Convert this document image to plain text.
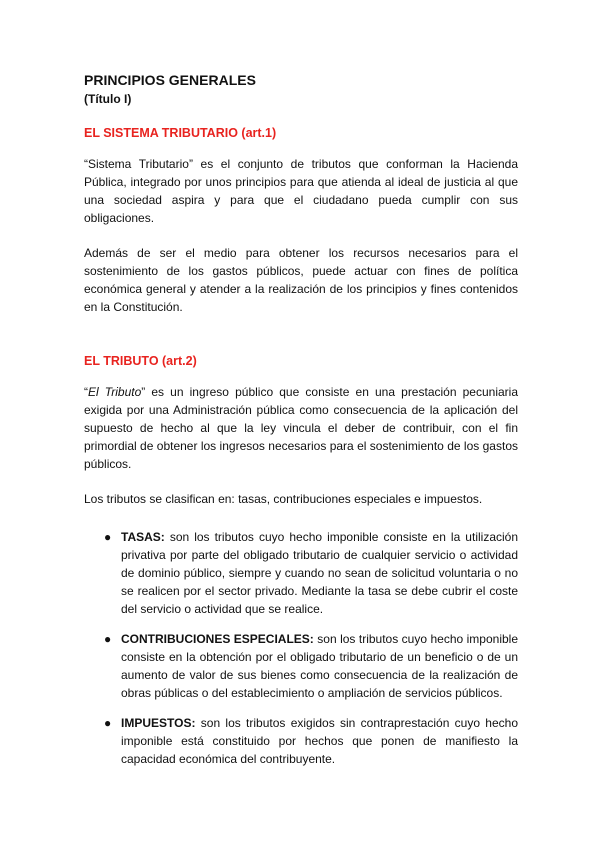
PRINCIPIOS GENERALES
(Título I)
EL SISTEMA TRIBUTARIO (art.1)

“Sistema Tributario” es el conjunto de tributos que conforman la Hacienda Pública, integrado por unos principios para que atienda al ideal de justicia al que una sociedad aspira y para que el ciudadano pueda cumplir con sus obligaciones.

Además de ser el medio para obtener los recursos necesarios para el sostenimiento de los gastos públicos, puede actuar con fines de política económica general y atender a la realización de los principios y fines contenidos en la Constitución.

EL TRIBUTO (art.2)

“El Tributo” es un ingreso público que consiste en una prestación pecuniaria exigida por una Administración pública como consecuencia de la aplicación del supuesto de hecho al que la ley vincula el deber de contribuir, con el fin primordial de obtener los ingresos necesarios para el sostenimiento de los gastos públicos.

Los tributos se clasifican en: tasas, contribuciones especiales e impuestos.

● TASAS: son los tributos cuyo hecho imponible consiste en la utilización privativa por parte del obligado tributario de cualquier servicio o actividad de dominio público, siempre y cuando no sean de solicitud voluntaria o no se realicen por el sector privado. Mediante la tasa se debe cubrir el coste del servicio o actividad que se realice.
● CONTRIBUCIONES ESPECIALES: son los tributos cuyo hecho imponible consiste en la obtención por el obligado tributario de un beneficio o de un aumento de valor de sus bienes como consecuencia de la realización de obras públicas o del establecimiento o ampliación de servicios públicos.
● IMPUESTOS: son los tributos exigidos sin contraprestación cuyo hecho imponible está constituido por hechos que ponen de manifiesto la capacidad económica del contribuyente.
